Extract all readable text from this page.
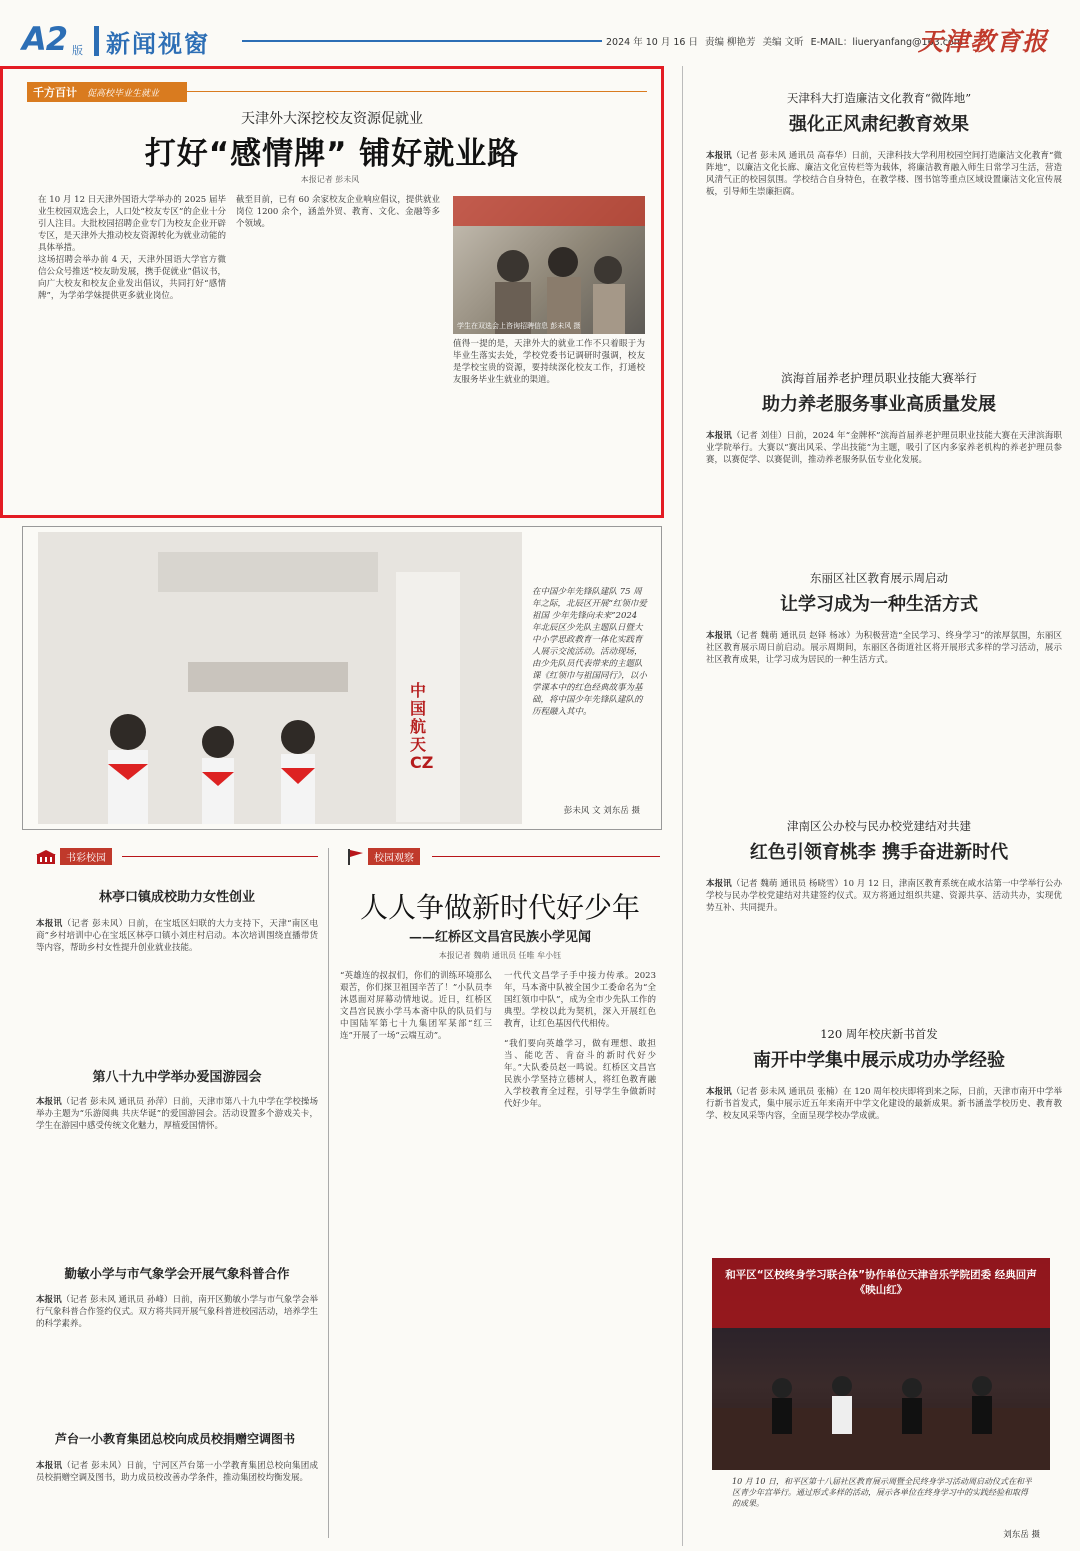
A2 版 新闻视窗	2024 年 10 月 16 日 责编 柳艳芳 美编 文昕 E-MAIL：liueryanfang@163.com
天津教育报
千方百计	促高校毕业生就业
天津外大深挖校友资源促就业
打好“感情牌” 铺好就业路
本报记者 彭未风

在 10 月 12 日天津外国语大学举办的 2025 届毕业生校园双选会上，人口处“校友专区”的企业十分引人注目。大批校园招聘企业专门为校友企业开辟专区，是天津外大推动校友资源转化为就业动能的具体举措。

这场招聘会举办前 4 天，天津外国语大学官方微信公众号推送“校友助发展，携手促就业”倡议书，向广大校友和校友企业发出倡议，共同打好“感情牌”，为学弟学妹提供更多就业岗位。

截至目前，已有 60 余家校友企业响应倡议，提供就业岗位 1200 余个，涵盖外贸、教育、文化、金融等多个领域。

学生在双选会上咨询招聘信息 彭未风 摄

值得一提的是，天津外大的就业工作不只着眼于为毕业生落实去处，学校党委书记调研时强调，校友是学校宝贵的资源，要持续深化校友工作，打通校友服务毕业生就业的渠道。

中国航天CZ
在中国少年先锋队建队 75 周年之际，北辰区开展“红领巾爱祖国 少年先锋向未来”2024 年北辰区少先队主题队日暨大中小学思政教育一体化实践育人展示交流活动。活动现场，由少先队员代表带来的主题队课《红领巾与祖国同行》，以小学课本中的红色经典故事为基础，将中国少年先锋队建队的历程融入其中。
彭未风 文 刘东岳 摄
书彩校园
林亭口镇成校助力女性创业
本报讯（记者 彭未风）日前，在宝坻区妇联的大力支持下，天津“南区电商”乡村培训中心在宝坻区林亭口镇小刘庄村启动。本次培训围绕直播带货等内容，帮助乡村女性提升创业就业技能。
第八十九中学举办爱国游园会
本报讯（记者 彭未风 通讯员 孙萍）日前，天津市第八十九中学在学校操场举办主题为“乐游阅典 共庆华诞”的爱国游园会。活动设置多个游戏关卡，学生在游园中感受传统文化魅力，厚植爱国情怀。
勤敏小学与市气象学会开展气象科普合作
本报讯（记者 彭未风 通讯员 孙峰）日前，南开区勤敏小学与市气象学会举行气象科普合作签约仪式。双方将共同开展气象科普进校园活动，培养学生的科学素养。
芦台一小教育集团总校向成员校捐赠空调图书
本报讯（记者 彭未风）日前，宁河区芦台第一小学教育集团总校向集团成员校捐赠空调及图书，助力成员校改善办学条件，推动集团校均衡发展。
校园观察
人人争做新时代好少年
——红桥区文昌宫民族小学见闻
本报记者 魏萌 通讯员 任唯 牟小钰
“英雄连的叔叔们，你们的训练环境那么艰苦，你们探卫祖国辛苦了！”小队员李沐恩面对屏幕动情地说。近日，红桥区文昌宫民族小学马本斋中队的队员们与中国陆军第七十九集团军某部“红三连”开展了一场“云端互动”。

一代代文昌学子手中接力传承。2023 年，马本斋中队被全国少工委命名为“全国红领巾中队”，成为全市少先队工作的典型。学校以此为契机，深入开展红色教育，让红色基因代代相传。

“我们要向英雄学习，做有理想、敢担当、能吃苦、肯奋斗的新时代好少年。”大队委员赵一鸣说。红桥区文昌宫民族小学坚持立德树人，将红色教育融入学校教育全过程，引导学生争做新时代好少年。

天津科大打造廉洁文化教育“微阵地”
强化正风肃纪教育效果
本报讯（记者 彭未风 通讯员 高春华）日前，天津科技大学利用校园空间打造廉洁文化教育“微阵地”，以廉洁文化长廊、廉洁文化宣传栏等为载体，将廉洁教育融入师生日常学习生活，营造风清气正的校园氛围。学校结合自身特色，在教学楼、图书馆等重点区域设置廉洁文化宣传展板，引导师生崇廉拒腐。
滨海首届养老护理员职业技能大赛举行
助力养老服务事业高质量发展
本报讯（记者 刘佳）日前，2024 年“金牌杯”滨海首届养老护理员职业技能大赛在天津滨海职业学院举行。大赛以“赛出风采、学出技能”为主题，吸引了区内多家养老机构的养老护理员参赛，以赛促学、以赛促训，推动养老服务队伍专业化发展。
东丽区社区教育展示周启动
让学习成为一种生活方式
本报讯（记者 魏萌 通讯员 赵铎 杨冰）为积极营造“全民学习、终身学习”的浓厚氛围，东丽区社区教育展示周日前启动。展示周期间，东丽区各街道社区将开展形式多样的学习活动，展示社区教育成果，让学习成为居民的一种生活方式。
津南区公办校与民办校党建结对共建
红色引领育桃李 携手奋进新时代
本报讯（记者 魏萌 通讯员 杨晓雪）10 月 12 日，津南区教育系统在咸水沽第一中学举行公办学校与民办学校党建结对共建签约仪式。双方将通过组织共建、资源共享、活动共办，实现优势互补、共同提升。
120 周年校庆新书首发
南开中学集中展示成功办学经验
本报讯（记者 彭未风 通讯员 张楠）在 120 周年校庆即将到来之际，日前，天津市南开中学举行新书首发式，集中展示近五年来南开中学文化建设的最新成果。新书涵盖学校历史、教育教学、校友风采等内容，全面呈现学校办学成就。
和平区“区校终身学习联合体”协作单位天津音乐学院团委 经典回声《映山红》
10 月 10 日，和平区第十八届社区教育展示周暨全民终身学习活动周启动仪式在和平区青少年宫举行。通过形式多样的活动，展示各单位在终身学习中的实践经验和取得的成果。
刘东岳 摄
